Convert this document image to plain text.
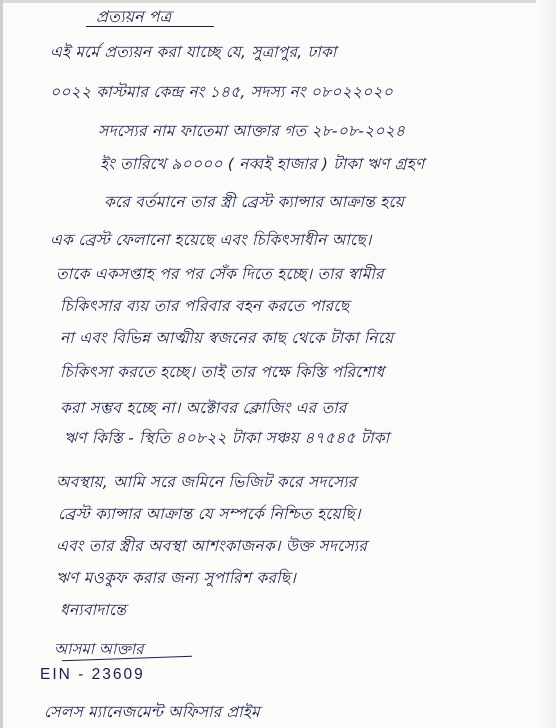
প্রত্যয়ন পত্র
এই মর্মে প্রত্যয়ন করা যাচ্ছে যে, সুত্রাপুর, ঢাকা
০০২২ কাস্টমার কেন্দ্র নং ১৪৫, সদস্য নং ০৮০২২০২০
সদস্যের নাম ফাতেমা আক্তার গত ২৮-০৮-২০২৪
ইং তারিখে ৯০০০০ ( নব্বই হাজার ) টাকা ঋণ গ্রহণ
করে বর্তমানে তার স্ত্রী ব্রেস্ট ক্যান্সার আক্রান্ত হয়ে
এক ব্রেস্ট ফেলানো হয়েছে এবং চিকিৎসাধীন আছে।
তাকে একসপ্তাহ পর পর সেঁক দিতে হচ্ছে। তার স্বামীর
চিকিৎসার ব্যয় তার পরিবার বহন করতে পারছে
না এবং বিভিন্ন আত্মীয় স্বজনের কাছ থেকে টাকা নিয়ে
চিকিৎসা করতে হচ্ছে। তাই তার পক্ষে কিস্তি পরিশোধ
করা সম্ভব হচ্ছে না। অক্টোবর ক্লোজিং এর তার
ঋণ কিস্তি - স্থিতি ৪০৮২২ টাকা সঞ্চয় ৪৭৫৪৫ টাকা
অবস্থায়, আমি সরে জমিনে ভিজিট করে সদস্যের
ব্রেস্ট ক্যান্সার আক্রান্ত যে সম্পর্কে নিশ্চিত হয়েছি।
এবং তার স্ত্রীর অবস্থা আশংকাজনক। উক্ত সদস্যের
ঋণ মওকুফ করার জন্য সুপারিশ করছি।
ধন্যবাদান্তে
আসমা আক্তার
EIN - 23609
সেলস ম্যানেজমেন্ট অফিসার প্রাইম
